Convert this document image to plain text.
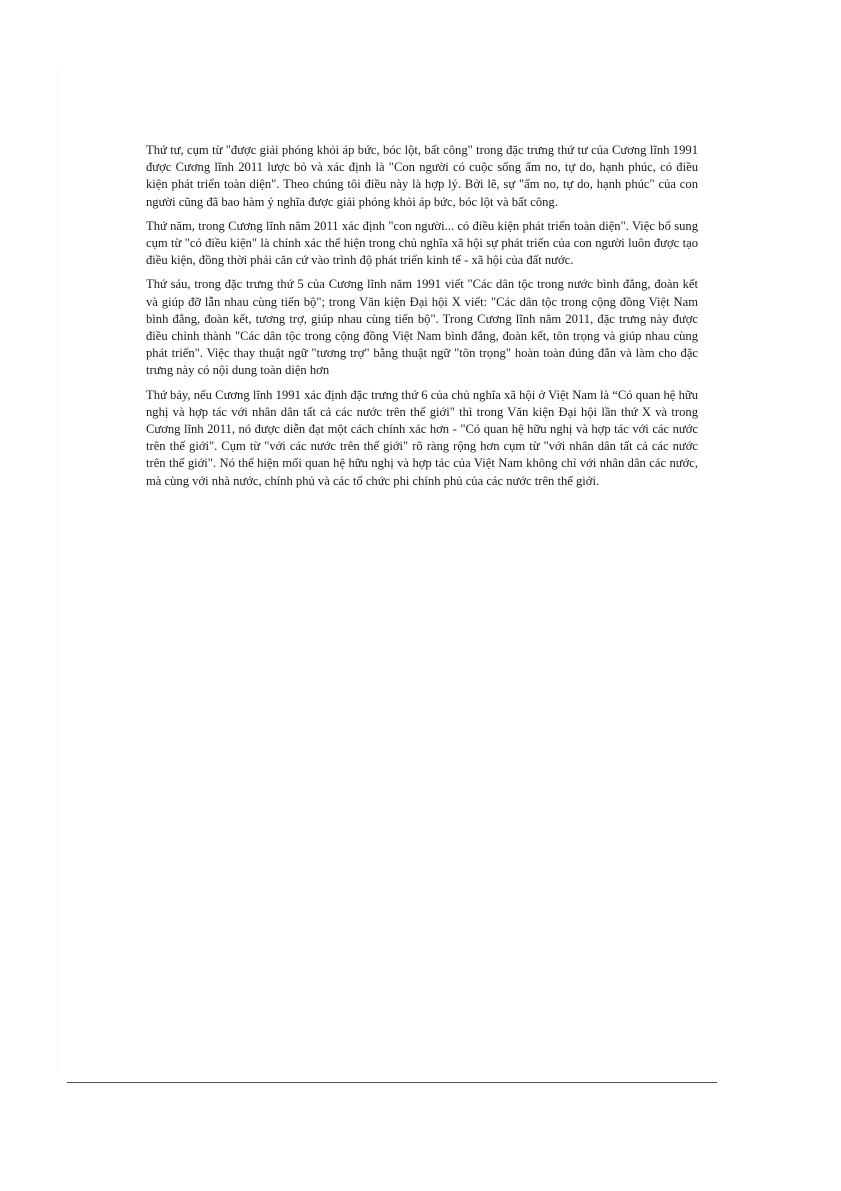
Thứ tư, cụm từ "được giải phóng khỏi áp bức, bóc lột, bất công" trong đặc trưng thứ tư của Cương lĩnh 1991 được Cương lĩnh 2011 lược bỏ và xác định là "Con người có cuộc sống ấm no, tự do, hạnh phúc, có điều kiện phát triển toàn diện". Theo chúng tôi điều này là hợp lý. Bởi lẽ, sự "ấm no, tự do, hạnh phúc" của con người cũng đã bao hàm ý nghĩa được giải phóng khỏi áp bức, bóc lột và bất công.

Thứ năm, trong Cương lĩnh năm 2011 xác định "con người... có điều kiện phát triển toàn diện". Việc bổ sung cụm từ "có điều kiện" là chính xác thể hiện trong chủ nghĩa xã hội sự phát triển của con người luôn được tạo điều kiện, đồng thời phải căn cứ vào trình độ phát triển kinh tế - xã hội của đất nước.

Thứ sáu, trong đặc trưng thứ 5 của Cương lĩnh năm 1991 viết "Các dân tộc trong nước bình đẳng, đoàn kết và giúp đỡ lẫn nhau cùng tiến bộ"; trong Văn kiện Đại hội X viết: "Các dân tộc trong cộng đồng Việt Nam bình đẳng, đoàn kết, tương trợ, giúp nhau cùng tiến bộ". Trong Cương lĩnh năm 2011, đặc trưng này được điều chỉnh thành "Các dân tộc trong cộng đồng Việt Nam bình đẳng, đoàn kết, tôn trọng và giúp nhau cùng phát triển". Việc thay thuật ngữ "tương trợ" bằng thuật ngữ "tôn trọng" hoàn toàn đúng đắn và làm cho đặc trưng này có nội dung toàn diện hơn

Thứ bảy, nếu Cương lĩnh 1991 xác định đặc trưng thứ 6 của chủ nghĩa xã hội ở Việt Nam là “Có quan hệ hữu nghị và hợp tác với nhân dân tất cả các nước trên thế giới" thì trong Văn kiện Đại hội lần thứ X và trong Cương lĩnh 2011, nó được diễn đạt một cách chính xác hơn - "Có quan hệ hữu nghị và hợp tác với các nước trên thế giới". Cụm từ "với các nước trên thế giới" rõ ràng rộng hơn cụm từ "với nhân dân tất cả các nước trên thế giới". Nó thể hiện mối quan hệ hữu nghị và hợp tác của Việt Nam không chỉ với nhân dân các nước, mà cùng với nhà nước, chính phủ và các tổ chức phi chính phủ của các nước trên thế giới.
